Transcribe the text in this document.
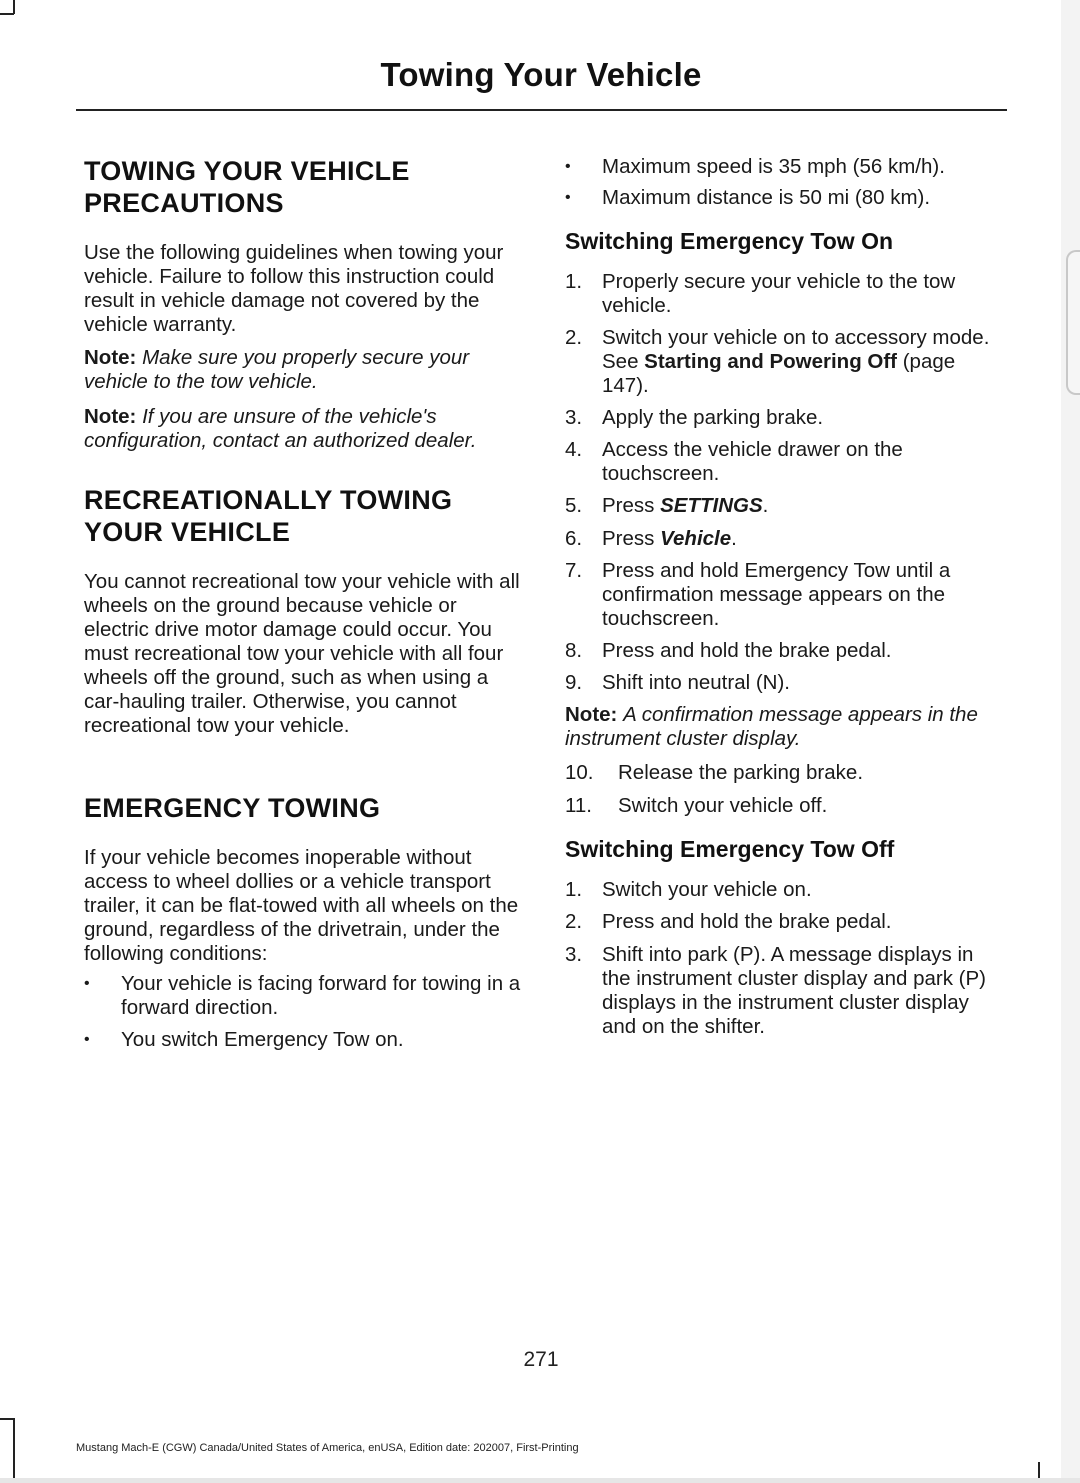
Towing Your Vehicle
TOWING YOUR VEHICLE PRECAUTIONS
Use the following guidelines when towing your vehicle. Failure to follow this instruction could result in vehicle damage not covered by the vehicle warranty.
Note: Make sure you properly secure your vehicle to the tow vehicle.
Note: If you are unsure of the vehicle's configuration, contact an authorized dealer.
RECREATIONALLY TOWING YOUR VEHICLE
You cannot recreational tow your vehicle with all wheels on the ground because vehicle or electric drive motor damage could occur. You must recreational tow your vehicle with all four wheels off the ground, such as when using a car-hauling trailer. Otherwise, you cannot recreational tow your vehicle.
EMERGENCY TOWING
If your vehicle becomes inoperable without access to wheel dollies or a vehicle transport trailer, it can be flat-towed with all wheels on the ground, regardless of the drivetrain, under the following conditions:
• Your vehicle is facing forward for towing in a forward direction.
• You switch Emergency Tow on.
• Maximum speed is 35 mph (56 km/h).
• Maximum distance is 50 mi (80 km).
Switching Emergency Tow On
1. Properly secure your vehicle to the tow vehicle.
2. Switch your vehicle on to accessory mode. See Starting and Powering Off (page 147).
3. Apply the parking brake.
4. Access the vehicle drawer on the touchscreen.
5. Press SETTINGS.
6. Press Vehicle.
7. Press and hold Emergency Tow until a confirmation message appears on the touchscreen.
8. Press and hold the brake pedal.
9. Shift into neutral (N).
Note: A confirmation message appears in the instrument cluster display.
10. Release the parking brake.
11. Switch your vehicle off.
Switching Emergency Tow Off
1. Switch your vehicle on.
2. Press and hold the brake pedal.
3. Shift into park (P). A message displays in the instrument cluster display and park (P) displays in the instrument cluster display and on the shifter.
271
Mustang Mach-E (CGW) Canada/United States of America, enUSA, Edition date: 202007, First-Printing
